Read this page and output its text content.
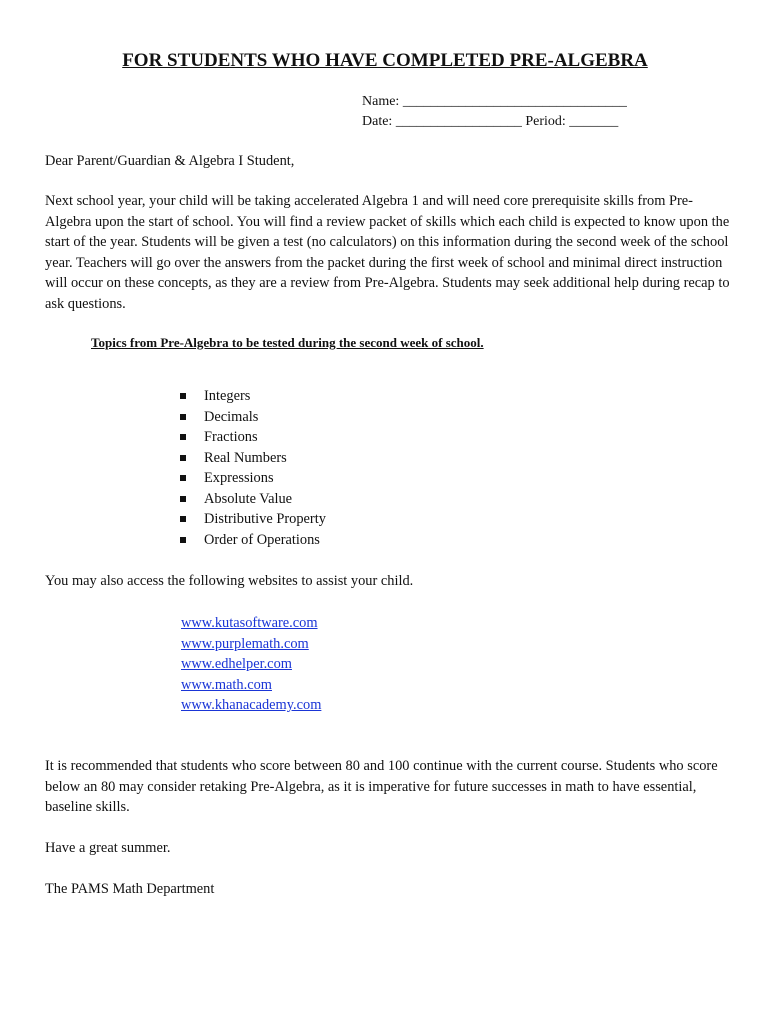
FOR STUDENTS WHO HAVE COMPLETED PRE-ALGEBRA
Name: ________________________________
Date: __________________ Period: _______
Dear Parent/Guardian & Algebra I Student,
Next school year, your child will be taking accelerated Algebra 1 and will need core prerequisite skills from Pre-Algebra upon the start of school. You will find a review packet of skills which each child is expected to know upon the start of the year. Students will be given a test (no calculators) on this information during the second week of the school year. Teachers will go over the answers from the packet during the first week of school and minimal direct instruction will occur on these concepts, as they are a review from Pre-Algebra. Students may seek additional help during recap to ask questions.
Topics from Pre-Algebra to be tested during the second week of school.
Integers
Decimals
Fractions
Real Numbers
Expressions
Absolute Value
Distributive Property
Order of Operations
You may also access the following websites to assist your child.
www.kutasoftware.com
www.purplemath.com
www.edhelper.com
www.math.com
www.khanacademy.com
It is recommended that students who score between 80 and 100 continue with the current course. Students who score below an 80 may consider retaking Pre-Algebra, as it is imperative for future successes in math to have essential, baseline skills.
Have a great summer.
The PAMS Math Department
